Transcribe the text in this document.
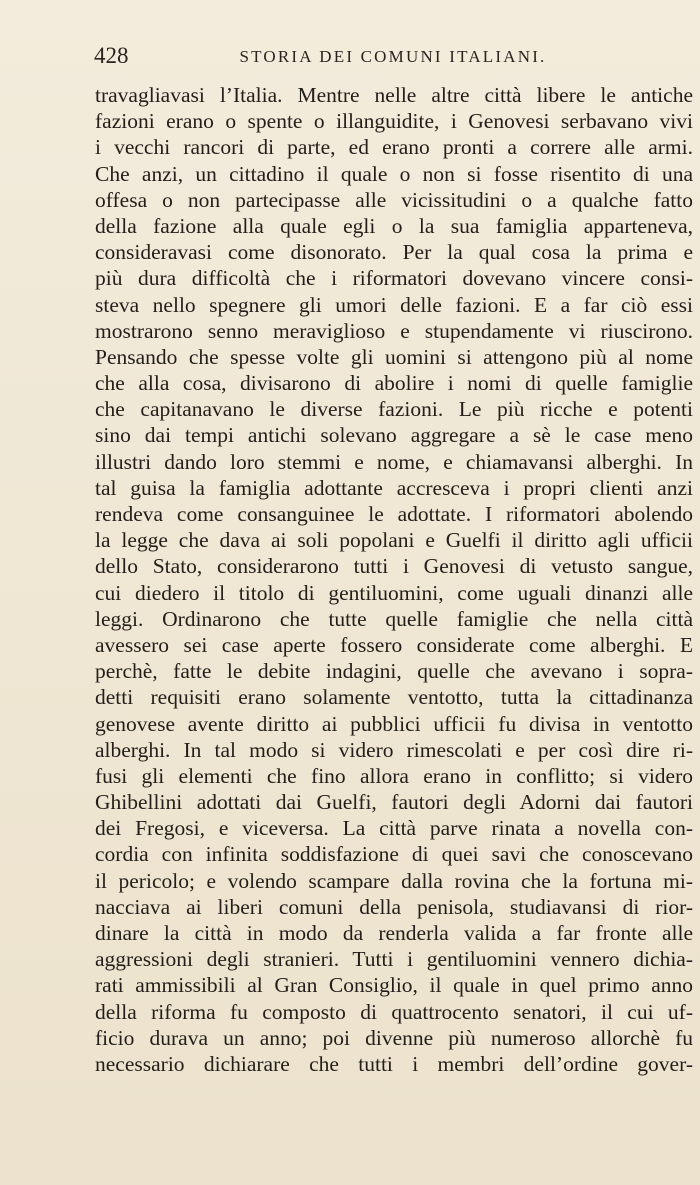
428	STORIA DEI COMUNI ITALIANI.
travagliavasi l’Italia. Mentre nelle altre città libere le antiche
fazioni erano o spente o illanguidite, i Genovesi serbavano vivi
i vecchi rancori di parte, ed erano pronti a correre alle armi.
Che anzi, un cittadino il quale o non si fosse risentito di una
offesa o non partecipasse alle vicissitudini o a qualche fatto
della fazione alla quale egli o la sua famiglia apparteneva,
consideravasi come disonorato. Per la qual cosa la prima e
più dura difficoltà che i riformatori dovevano vincere consi-
steva nello spegnere gli umori delle fazioni. E a far ciò essi
mostrarono senno meraviglioso e stupendamente vi riuscirono.
Pensando che spesse volte gli uomini si attengono più al nome
che alla cosa, divisarono di abolire i nomi di quelle famiglie
che capitanavano le diverse fazioni. Le più ricche e potenti
sino dai tempi antichi solevano aggregare a sè le case meno
illustri dando loro stemmi e nome, e chiamavansi alberghi. In
tal guisa la famiglia adottante accresceva i propri clienti anzi
rendeva come consanguinee le adottate. I riformatori abolendo
la legge che dava ai soli popolani e Guelfi il diritto agli ufficii
dello Stato, considerarono tutti i Genovesi di vetusto sangue,
cui diedero il titolo di gentiluomini, come uguali dinanzi alle
leggi. Ordinarono che tutte quelle famiglie che nella città
avessero sei case aperte fossero considerate come alberghi. E
perchè, fatte le debite indagini, quelle che avevano i sopra-
detti requisiti erano solamente ventotto, tutta la cittadinanza
genovese avente diritto ai pubblici ufficii fu divisa in ventotto
alberghi. In tal modo si videro rimescolati e per così dire ri-
fusi gli elementi che fino allora erano in conflitto; si videro
Ghibellini adottati dai Guelfi, fautori degli Adorni dai fautori
dei Fregosi, e viceversa. La città parve rinata a novella con-
cordia con infinita soddisfazione di quei savi che conoscevano
il pericolo; e volendo scampare dalla rovina che la fortuna mi-
nacciava ai liberi comuni della penisola, studiavansi di rior-
dinare la città in modo da renderla valida a far fronte alle
aggressioni degli stranieri. Tutti i gentiluomini vennero dichia-
rati ammissibili al Gran Consiglio, il quale in quel primo anno
della riforma fu composto di quattrocento senatori, il cui uf-
ficio durava un anno; poi divenne più numeroso allorchè fu
necessario dichiarare che tutti i membri dell’ordine gover-
